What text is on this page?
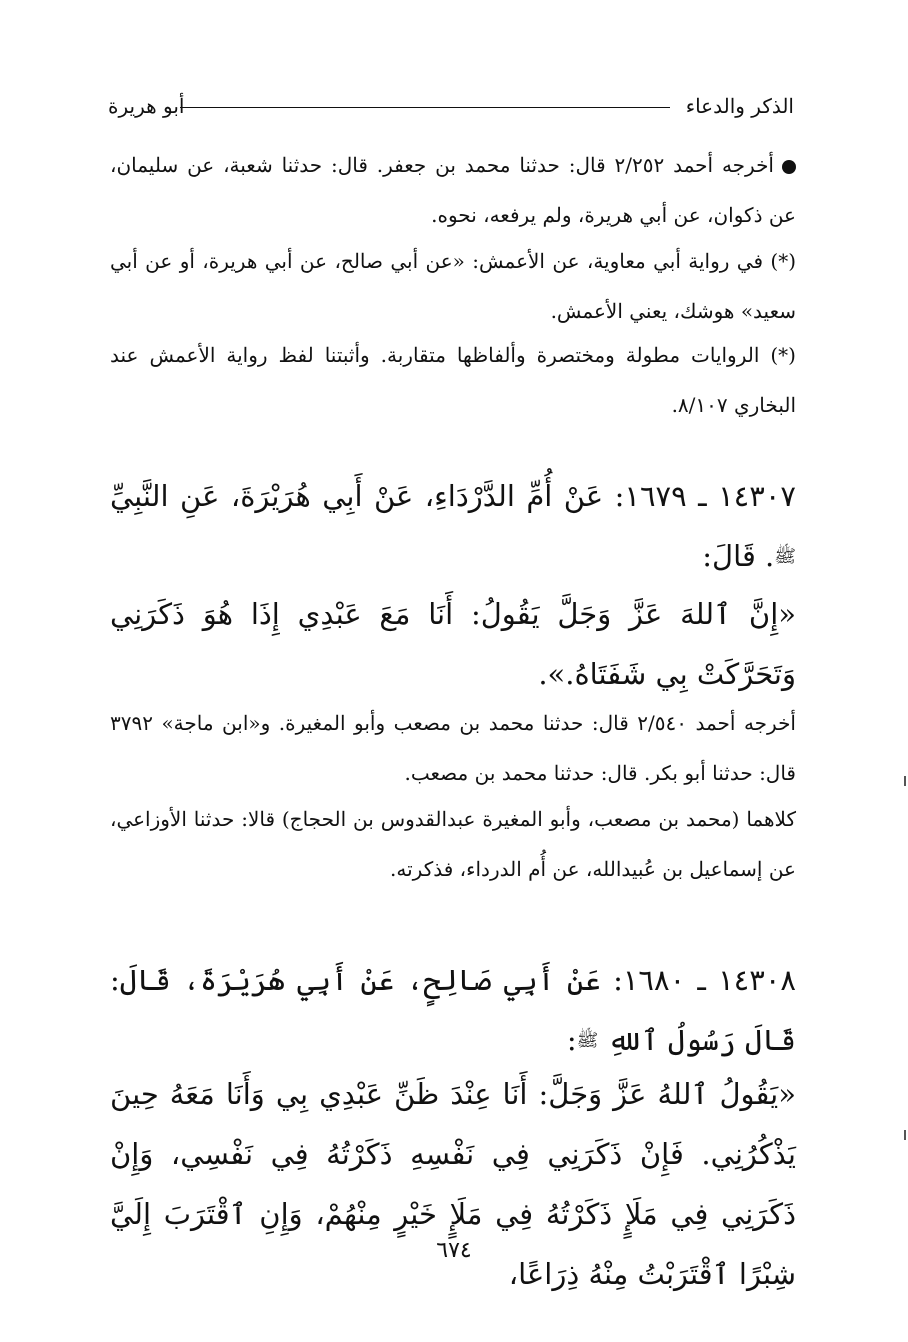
الذكر والدعاء
أبو هريرة
أخرجه أحمد ٢/٢٥٢ قال: حدثنا محمد بن جعفر. قال: حدثنا شعبة، عن سليمان، عن ذكوان، عن أبي هريرة، ولم يرفعه، نحوه.
(*) في رواية أبي معاوية، عن الأعمش: «عن أبي صالح، عن أبي هريرة، أو عن أبي سعيد» هوشك، يعني الأعمش.
(*) الروايات مطولة ومختصرة وألفاظها متقاربة. وأثبتنا لفظ رواية الأعمش عند البخاري ٨/١٠٧.
١٤٣٠٧ ـ ١٦٧٩: عَنْ أُمِّ الدَّرْدَاءِ، عَنْ أَبِي هُرَيْرَةَ، عَنِ النَّبِيِّ ﷺ. قَالَ:
«إِنَّ ٱللهَ عَزَّ وَجَلَّ يَقُولُ: أَنَا مَعَ عَبْدِي إِذَا هُوَ ذَكَرَنِي وَتَحَرَّكَتْ بِي شَفَتَاهُ.».
أخرجه أحمد ٢/٥٤٠ قال: حدثنا محمد بن مصعب وأبو المغيرة. و«ابن ماجة» ٣٧٩٢ قال: حدثنا أبو بكر. قال: حدثنا محمد بن مصعب.
كلاهما (محمد بن مصعب، وأبو المغيرة عبدالقدوس بن الحجاج) قالا: حدثنا الأوزاعي، عن إسماعيل بن عُبيدالله، عن أُم الدرداء، فذكرته.
١٤٣٠٨ ـ ١٦٨٠: عَنْ أَبِي صَالِحٍ، عَنْ أَبِي هُرَيْرَةَ، قَالَ: قَالَ رَسُولُ ٱللهِ ﷺ:
«يَقُولُ ٱللهُ عَزَّ وَجَلَّ: أَنَا عِنْدَ ظَنِّ عَبْدِي بِي وَأَنَا مَعَهُ حِينَ يَذْكُرُنِي. فَإِنْ ذَكَرَنِي فِي نَفْسِهِ ذَكَرْتُهُ فِي نَفْسِي، وَإِنْ ذَكَرَنِي فِي مَلَإٍ ذَكَرْتُهُ فِي مَلَإٍ خَيْرٍ مِنْهُمْ، وَإِنِ ٱقْتَرَبَ إِلَيَّ شِبْرًا ٱقْتَرَبْتُ مِنْهُ ذِرَاعًا،
٦٧٤
